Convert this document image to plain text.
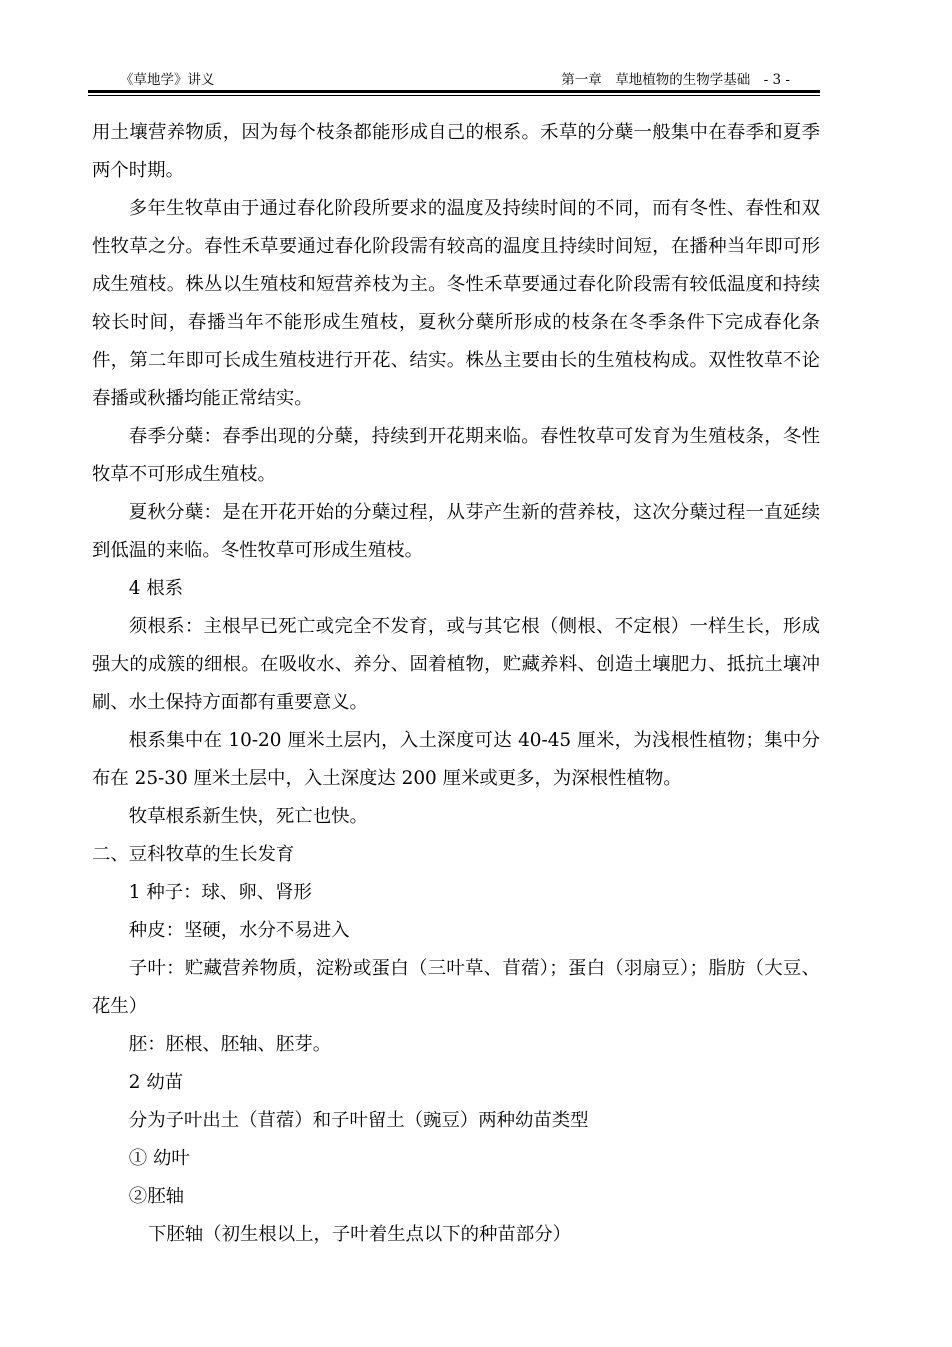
《草地学》讲义	第一章　草地植物的生物学基础　- 3 -

用土壤营养物质，因为每个枝条都能形成自己的根系。禾草的分蘖一般集中在春季和夏季两个时期。

多年生牧草由于通过春化阶段所要求的温度及持续时间的不同，而有冬性、春性和双性牧草之分。春性禾草要通过春化阶段需有较高的温度且持续时间短，在播种当年即可形成生殖枝。株丛以生殖枝和短营养枝为主。冬性禾草要通过春化阶段需有较低温度和持续较长时间，春播当年不能形成生殖枝，夏秋分蘖所形成的枝条在冬季条件下完成春化条件，第二年即可长成生殖枝进行开花、结实。株丛主要由长的生殖枝构成。双性牧草不论春播或秋播均能正常结实。

春季分蘖：春季出现的分蘖，持续到开花期来临。春性牧草可发育为生殖枝条，冬性牧草不可形成生殖枝。

夏秋分蘖：是在开花开始的分蘖过程，从芽产生新的营养枝，这次分蘖过程一直延续到低温的来临。冬性牧草可形成生殖枝。

4 根系

须根系：主根早已死亡或完全不发育，或与其它根（侧根、不定根）一样生长，形成强大的成簇的细根。在吸收水、养分、固着植物，贮藏养料、创造土壤肥力、抵抗土壤冲刷、水土保持方面都有重要意义。

根系集中在 10-20 厘米土层内，入土深度可达 40-45 厘米，为浅根性植物；集中分布在 25-30 厘米土层中，入土深度达 200 厘米或更多，为深根性植物。

牧草根系新生快，死亡也快。

二、豆科牧草的生长发育

1 种子：球、卵、肾形

种皮：坚硬，水分不易进入

子叶：贮藏营养物质，淀粉或蛋白（三叶草、苜蓿）；蛋白（羽扇豆）；脂肪（大豆、花生）

胚：胚根、胚轴、胚芽。

2 幼苗

分为子叶出土（苜蓿）和子叶留土（豌豆）两种幼苗类型

① 幼叶

②胚轴

下胚轴（初生根以上，子叶着生点以下的种苗部分）
